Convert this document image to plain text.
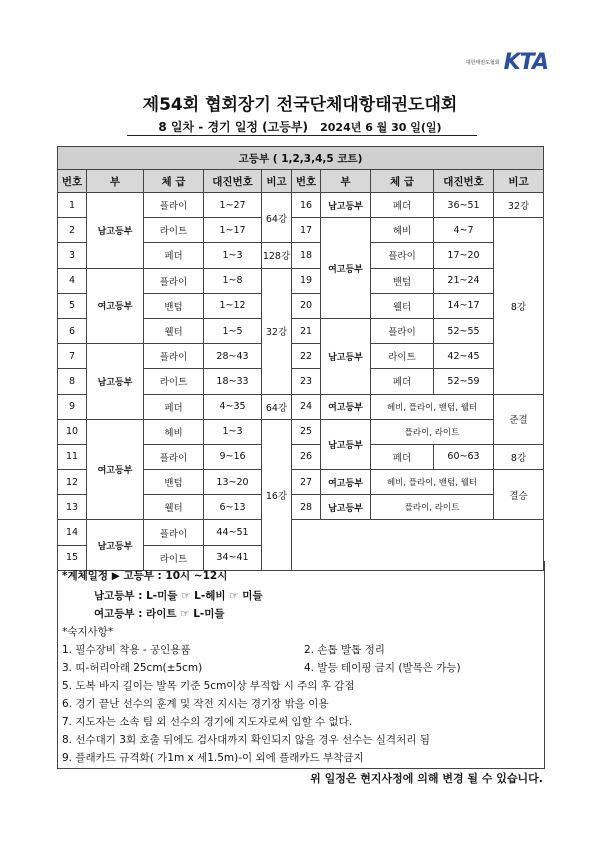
대한태권도협회 KTA
제54회 협회장기 전국단체대항태권도대회
8 일차 - 경기 일정 (고등부) 2024년 6 월 30 일(일)
고등부 ( 1,2,3,4,5 코트)										
번호	부	체 급	대진번호	비고	번호	부	체 급	대진번호	비고	
1	남고등부	플라이	1~27	64강	16	남고등부	페더	36~51	32강	
2		라이트	1~17		17	여고등부	헤비	4~7	8강	
3		페더	1~3	128강	18		플라이	17~20		
4	여고등부	플라이	1~8	32강	19		밴텀	21~24		
5		밴텀	1~12		20		웰터	14~17		
6		웰터	1~5		21	남고등부	플라이	52~55		
7	남고등부	플라이	28~43		22		라이트	42~45		
8		라이트	18~33		23		페더	52~59	
9		페더	4~35	64강	24	여고등부	헤비, 플라이, 밴텀, 웰터		준결	
10	여고등부	헤비	1~3	16강	25	남고등부	플라이, 라이트			
11		플라이	9~16		26		페더	60~63	8강	
12		밴텀	13~20		27	여고등부	헤비, 플라이, 밴텀, 웰터		결승	
13		웰터	6~13		28	남고등부	플라이, 라이트			
14	남고등부	플라이	44~51							
15		라이트	34~41							
*계체일정 ▶ 고등부 : 10시 ~12시
남고등부 : L-미들 ☞ L-헤비 ☞ 미들
여고등부 : 라이트 ☞ L-미들
*숙지사항*
1. 필수장비 착용 - 공인용품	2. 손톱 발톱 정리
3. 띠-허리아래 25cm(±5cm)	4. 발등 테이핑 금지 (발목은 가능)
5. 도복 바지 길이는 발목 기준 5cm이상 부적합 시 주의 후 감점
6. 경기 끝난 선수의 훈계 및 작전 지시는 경기장 밖을 이용
7. 지도자는 소속 팀 외 선수의 경기에 지도자로써 임할 수 없다.
8. 선수대기 3회 호출 뒤에도 검사대까지 확인되지 않을 경우 선수는 실격처리 됨
9. 플래카드 규격화( 가1m x 세1.5m)-이 외에 플래카드 부착금지
위 일정은 현지사정에 의해 변경 될 수 있습니다.
